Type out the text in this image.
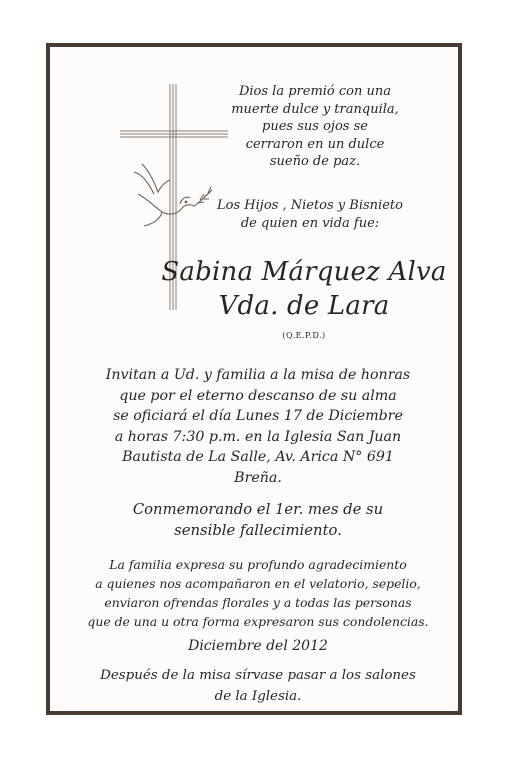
Dios la premió con una
muerte dulce y tranquila,
pues sus ojos se
cerraron en un dulce
sueño de paz.
Los Hijos , Nietos y Bisnieto
de quien en vida fue:
Sabina Márquez Alva
Vda. de Lara
(Q.E.P.D.)
Invitan a Ud. y familia a la misa de honras
que por el eterno descanso de su alma
se oficiará el día Lunes 17 de Diciembre
a horas 7:30 p.m. en la Iglesia San Juan
Bautista de La Salle, Av. Arica N° 691
Breña.
Conmemorando el 1er. mes de su
sensible fallecimiento.
La familia expresa su profundo agradecimiento
a quienes nos acompañaron en el velatorio, sepelio,
enviaron ofrendas florales y a todas las personas
que de una u otra forma expresaron sus condolencias.
Diciembre del 2012
Después de la misa sírvase pasar a los salones
de la Iglesia.
